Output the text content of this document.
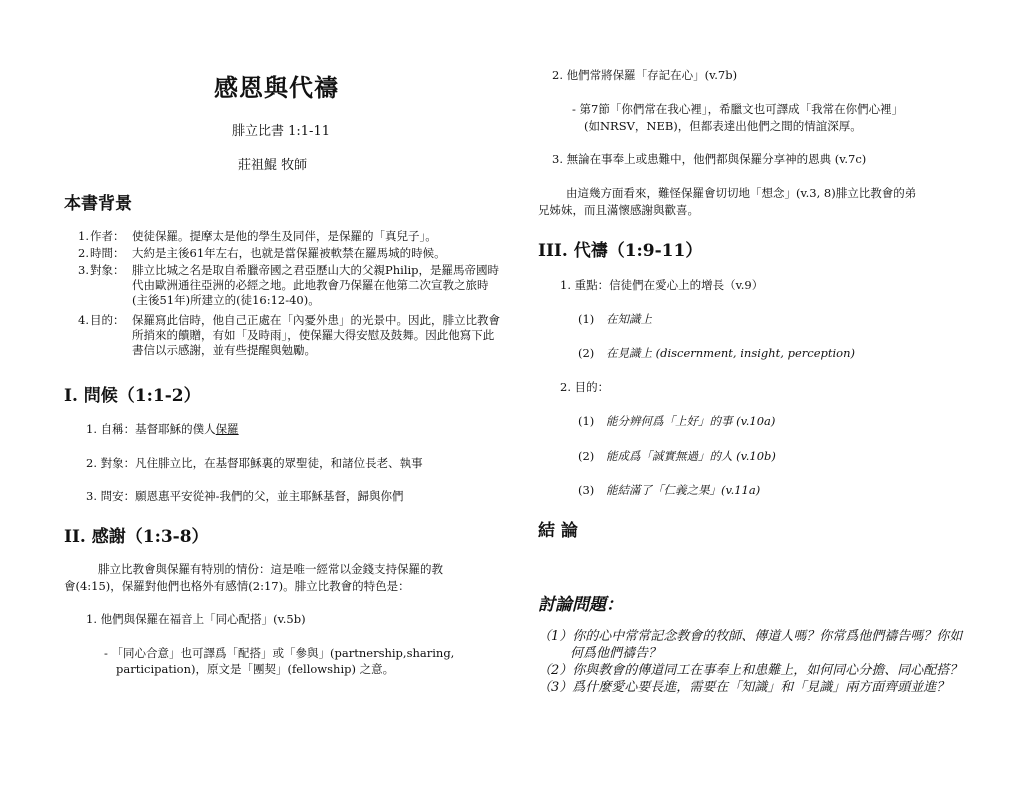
感恩與代禱
腓立比書 1:1-11
莊祖鯤 牧師
本書背景
1. 作者： 使徒保羅。提摩太是他的學生及同伴，是保羅的「真兒子」。
2. 時間： 大約是主後61年左右，也就是當保羅被軟禁在羅馬城的時候。
3. 對象： 腓立比城之名是取自希臘帝國之君亞歷山大的父親Philip，是羅馬帝國時代由歐洲通往亞洲的必經之地。此地教會乃保羅在他第二次宣教之旅時(主後51年)所建立的(徒16:12-40)。
4. 目的： 保羅寫此信時，他自己正處在「內憂外患」的光景中。因此，腓立比教會所捎來的饋贈，有如「及時雨」，使保羅大得安慰及鼓舞。因此他寫下此書信以示感謝，並有些提醒與勉勵。
I. 問候（1:1-2）
1. 自稱：基督耶穌的僕人保羅
2. 對象：凡住腓立比，在基督耶穌裏的眾聖徒，和諸位長老、執事
3. 問安：願恩惠平安從神-我們的父，並主耶穌基督，歸與你們
II. 感謝（1:3-8）
腓立比教會與保羅有特別的情份：這是唯一經常以金錢支持保羅的教
會(4:15)，保羅對他們也格外有感情(2:17)。腓立比教會的特色是：
1. 他們與保羅在福音上「同心配搭」(v.5b)
- 「同心合意」也可譯爲「配搭」或「參與」(partnership,sharing,
participation)，原文是「團契」(fellowship) 之意。
2. 他們常將保羅「存記在心」(v.7b)
- 第7節「你們常在我心裡」，希臘文也可譯成「我常在你們心裡」
(如NRSV，NEB)，但都表達出他們之間的情誼深厚。
3. 無論在事奉上或患難中，他們都與保羅分享神的恩典 (v.7c)
由這幾方面看來，難怪保羅會切切地「想念」(v.3, 8)腓立比教會的弟
兄姊妹，而且滿懷感謝與歡喜。
III. 代禱（1:9-11）
1. 重點：信徒們在愛心上的增長（v.9）
(1) 在知識上
(2) 在見識上 (discernment, insight, perception)
2. 目的：
(1) 能分辨何爲「上好」的事 (v.10a)
(2) 能成爲「誠實無過」的人 (v.10b)
(3) 能結滿了「仁義之果」(v.11a)
結 論
討論問題：
（1）你的心中常常記念教會的牧師、傳道人嗎？你常爲他們禱告嗎？你如
何爲他們禱告？
（2）你與教會的傳道同工在事奉上和患難上，如何同心分擔、同心配搭？
（3）爲什麼愛心要長進，需要在「知識」和「見識」兩方面齊頭並進？
